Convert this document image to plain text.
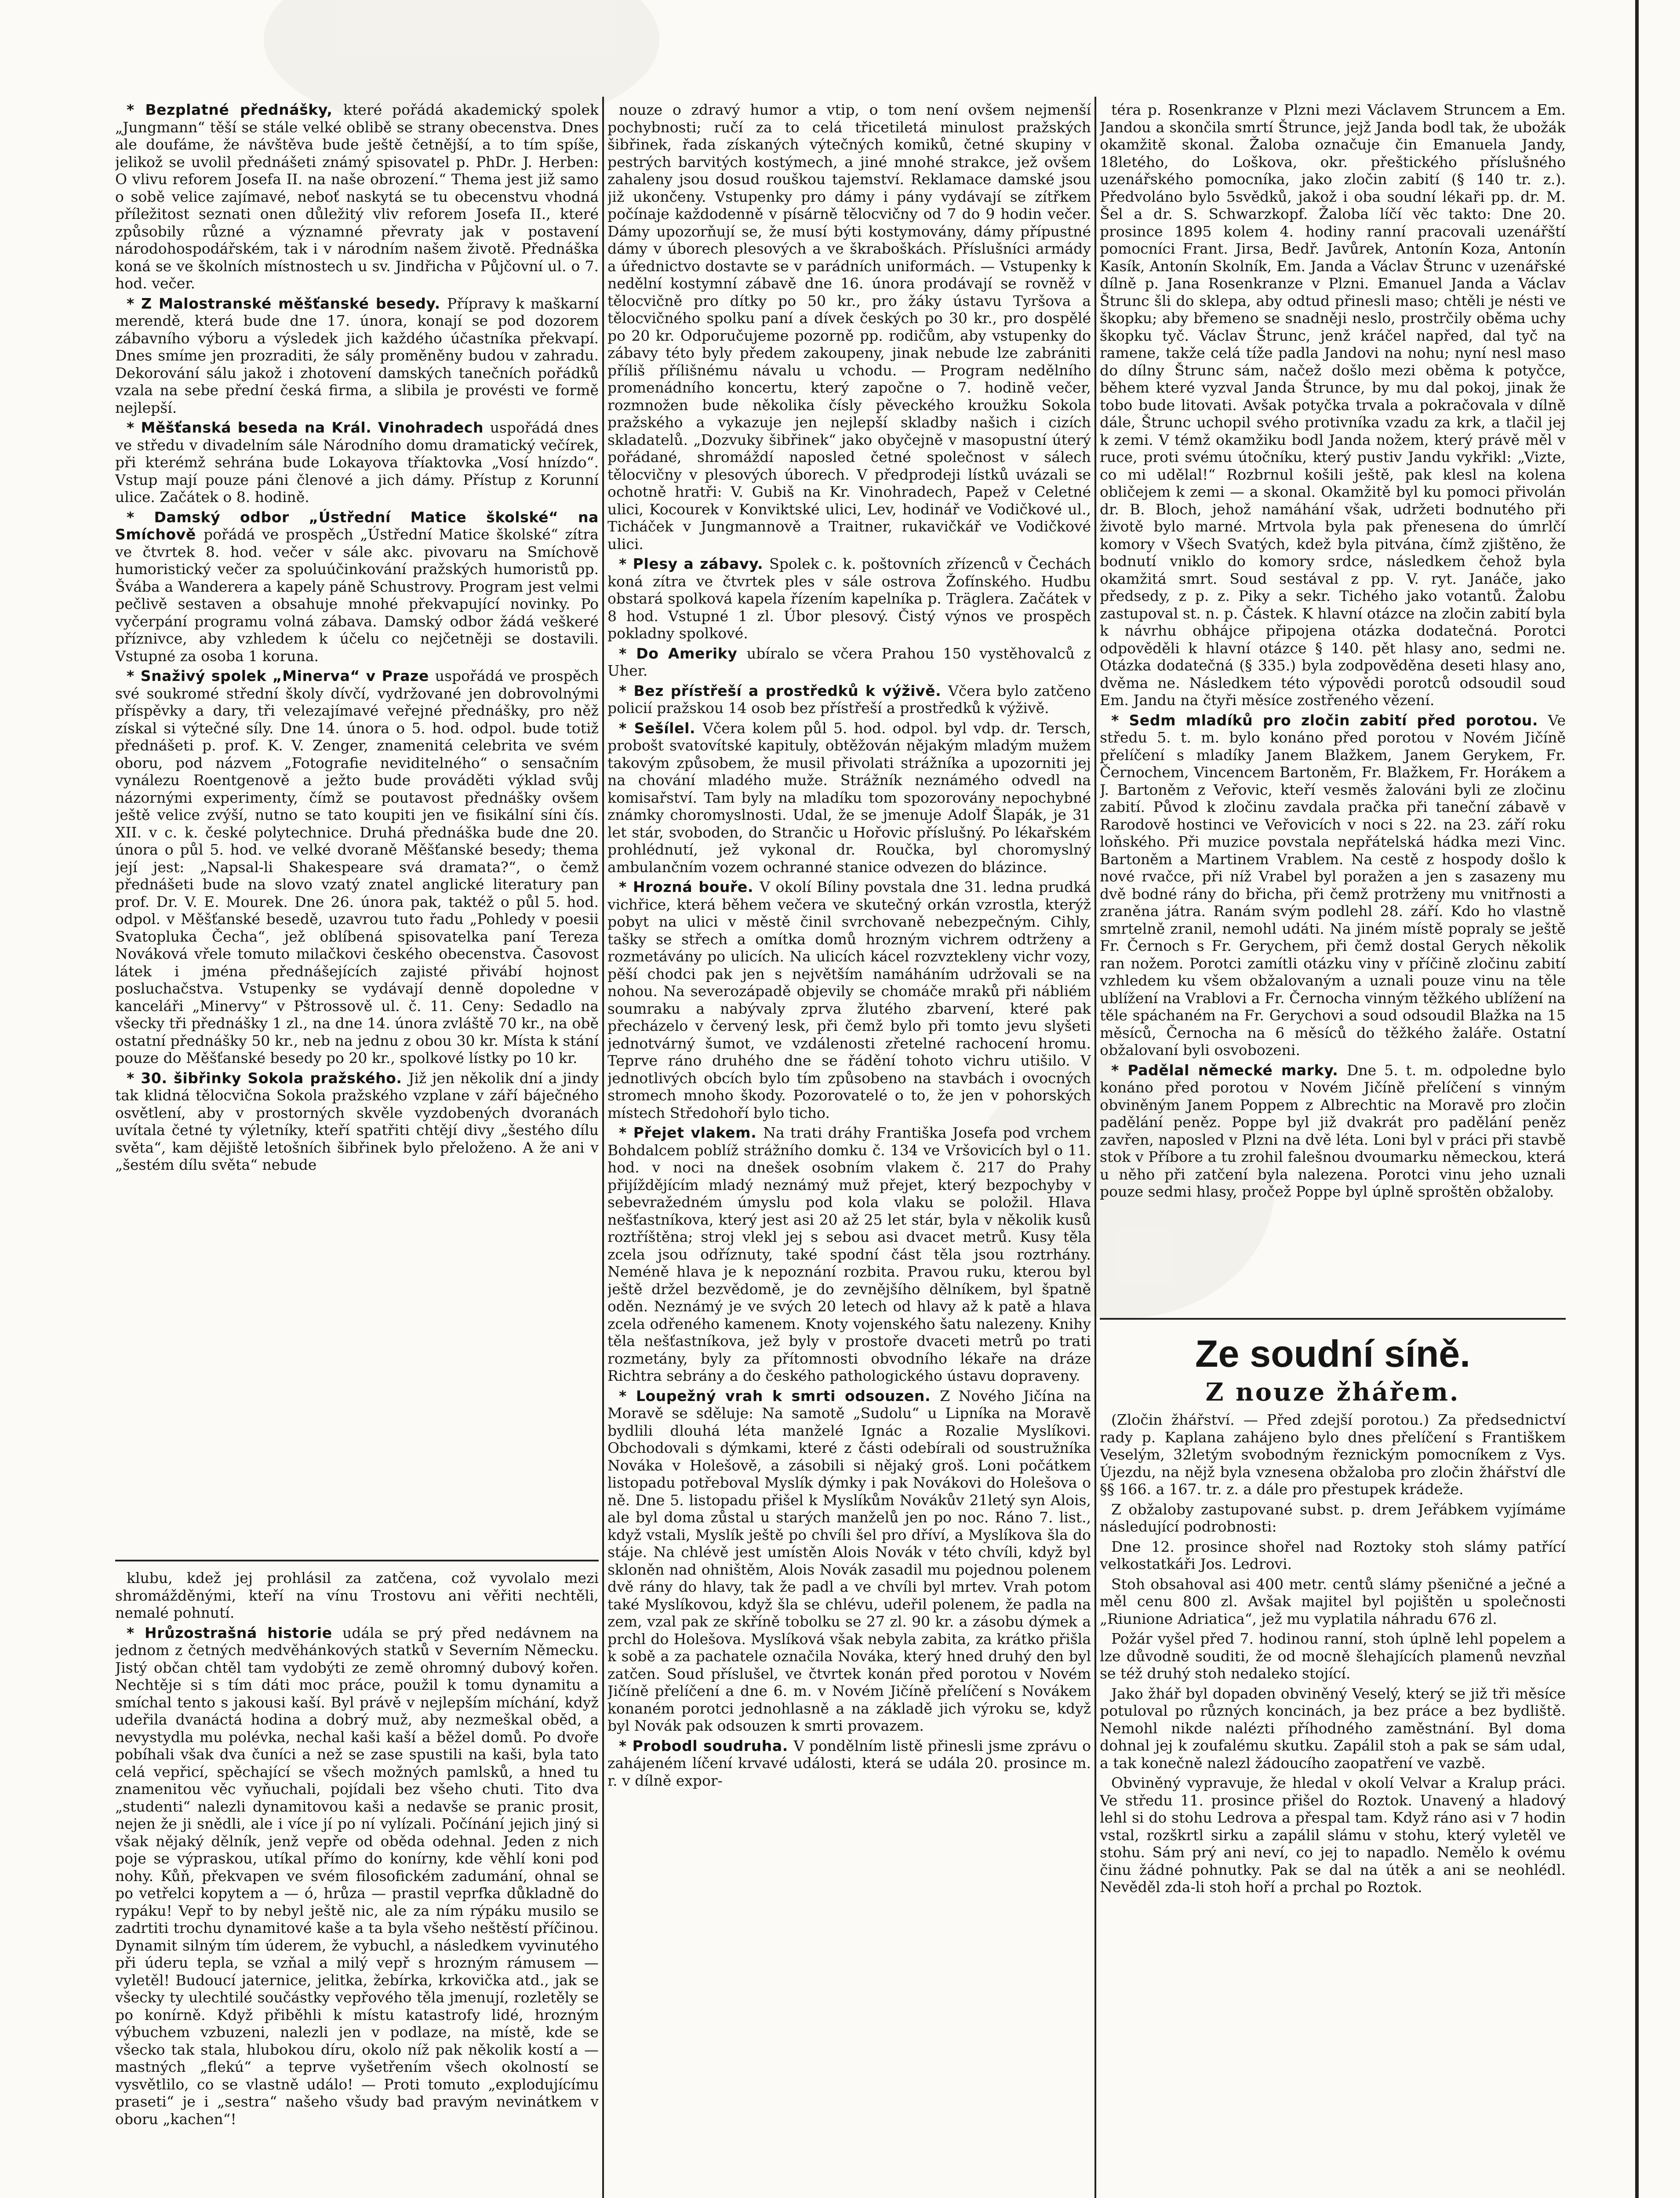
* Bezplatné přednášky, které pořádá akademický spolek „Jungmann“ těší se stále velké oblibě se strany obecenstva. Dnes ale doufáme, že návštěva bude ještě četnější, a to tím spíše, jelikož se uvolil přednášeti známý spisovatel p. PhDr. J. Herben: O vlivu reforem Josefa II. na naše obrození.“ Thema jest již samo o sobě velice zajímavé, neboť naskytá se tu obecenstvu vhodná příležitost seznati onen důležitý vliv reforem Josefa II., které způsobily různé a významné převraty jak v postavení národohospodářském, tak i v národním našem životě. Přednáška koná se ve školních místnostech u sv. Jindřicha v Půjčovní ul. o 7. hod. večer.

* Z Malostranské měšťanské besedy. Přípravy k maškarní merendě, která bude dne 17. února, konají se pod dozorem zábavního výboru a výsledek jich každého účastníka překvapí. Dnes smíme jen prozraditi, že sály proměněny budou v zahradu. Dekorování sálu jakož i zhotovení damských tanečních pořádků vzala na sebe přední česká firma, a slibila je provésti ve formě nejlepší.

* Měšťanská beseda na Král. Vinohradech uspořádá dnes ve středu v divadelním sále Národního domu dramatický večírek, při kterémž sehrána bude Lokayova tříaktovka „Vosí hnízdo“. Vstup mají pouze páni členové a jich dámy. Přístup z Korunní ulice. Začátek o 8. hodině.

* Damský odbor „Ústřední Matice školské“ na Smíchově pořádá ve prospěch „Ústřední Matice školské“ zítra ve čtvrtek 8. hod. večer v sále akc. pivovaru na Smíchově humoristický večer za spoluúčinkování pražských humoristů pp. Švába a Wanderera a kapely páně Schustrovy. Program jest velmi pečlivě sestaven a obsahuje mnohé překvapující novinky. Po vyčerpání programu volná zábava. Damský odbor žádá veškeré příznivce, aby vzhledem k účelu co nejčetněji se dostavili. Vstupné za osoba 1 koruna.

* Snaživý spolek „Minerva“ v Praze uspořádá ve prospěch své soukromé střední školy dívčí, vydržované jen dobrovolnými příspěvky a dary, tři velezajímavé veřejné přednášky, pro něž získal si výtečné síly. Dne 14. února o 5. hod. odpol. bude totiž přednášeti p. prof. K. V. Zenger, znamenitá celebrita ve svém oboru, pod názvem „Fotografie neviditelného“ o sensačním vynálezu Roentgenově a ježto bude prováděti výklad svůj názornými experimenty, čímž se poutavost přednášky ovšem ještě velice zvýší, nutno se tato koupiti jen ve fisikální síni čís. XII. v c. k. české polytechnice. Druhá přednáška bude dne 20. února o půl 5. hod. ve velké dvoraně Měšťanské besedy; thema její jest: „Napsal-li Shakespeare svá dramata?“, o čemž přednášeti bude na slovo vzatý znatel anglické literatury pan prof. Dr. V. E. Mourek. Dne 26. února pak, taktéž o půl 5. hod. odpol. v Měšťanské besedě, uzavrou tuto řadu „Pohledy v poesii Svatopluka Čecha“, jež oblíbená spisovatelka paní Tereza Nováková vřele tomuto milačkovi českého obecenstva. Časovost látek i jména přednášejících zajisté přivábí hojnost posluchačstva. Vstupenky se vydávají denně dopoledne v kanceláři „Minervy“ v Pštrossově ul. č. 11. Ceny: Sedadlo na všecky tři přednášky 1 zl., na dne 14. února zvláště 70 kr., na obě ostatní přednášky 50 kr., neb na jednu z obou 30 kr. Místa k stání pouze do Měšťanské besedy po 20 kr., spolkové lístky po 10 kr.

* 30. šibřinky Sokola pražského. Již jen několik dní a jindy tak klidná tělocvična Sokola pražského vzplane v září báječného osvětlení, aby v prostorných skvěle vyzdobených dvoranách uvítala četné ty výletníky, kteří spatřiti chtějí divy „šestého dílu světa“, kam dějiště letošních šibřinek bylo přeloženo. A že ani v „šestém dílu světa“ nebude

klubu, kdež jej prohlásil za zatčena, což vyvolalo mezi shromážděnými, kteří na vínu Trostovu ani věřiti nechtěli, nemalé pohnutí.

* Hrůzostrašná historie udála se prý před nedávnem na jednom z četných medvěhánkových statků v Severním Německu. Jistý občan chtěl tam vydobýti ze země ohromný dubový kořen. Nechtěje si s tím dáti moc práce, použil k tomu dynamitu a smíchal tento s jakousi kaší. Byl právě v nejlepším míchání, když udeřila dvanáctá hodina a dobrý muž, aby nezmeškal oběd, a nevystydla mu polévka, nechal kaši kaší a běžel domů. Po dvoře pobíhali však dva čuníci a než se zase spustili na kaši, byla tato celá vepřicí, spěchající se všech možných pamlsků, a hned tu znamenitou věc vyňuchali, pojídali bez všeho chuti. Tito dva „studenti“ nalezli dynamitovou kaši a nedavše se pranic prosit, nejen že ji snědli, ale i více jí po ní vylízali. Počínání jejich jiný si však nějaký dělník, jenž vepře od oběda odehnal. Jeden z nich poje se výpraskou, utíkal přímo do konírny, kde věhlí koni pod nohy. Kůň, překvapen ve svém filosofickém zadumání, ohnal se po vetřelci kopytem a — ó, hrůza — prastil veprfka důkladně do rypáku! Vepř to by nebyl ještě nic, ale za ním rýpáku musilo se zadrtiti trochu dynamitové kaše a ta byla všeho neštěstí příčinou. Dynamit silným tím úderem, že vybuchl, a následkem vyvinutého při úderu tepla, se vzňal a milý vepř s hrozným rámusem — vyletěl! Budoucí jaternice, jelitka, žebírka, krkovička atd., jak se všecky ty ulechtilé součástky vepřového těla jmenují, rozletěly se po konírně. Když přiběhli k místu katastrofy lidé, hrozným výbuchem vzbuzeni, nalezli jen v podlaze, na místě, kde se všecko tak stala, hlubokou díru, okolo níž pak několik kostí a — mastných „flekú“ a teprve vyšetřením všech okolností se vysvětlilo, co se vlastně událo! — Proti tomuto „explodujícímu praseti“ je i „sestra“ našeho všudy bad pravým nevinátkem v oboru „kachen“!

nouze o zdravý humor a vtip, o tom není ovšem nejmenší pochybnosti; ručí za to celá třicetiletá minulost pražských šibřinek, řada získaných výtečných komiků, četné skupiny v pestrých barvitých kostýmech, a jiné mnohé strakce, jež ovšem zahaleny jsou dosud rouškou tajemství. Reklamace damské jsou již ukončeny. Vstupenky pro dámy i pány vydávají se zítřkem počínaje každodenně v písárně tělocvičny od 7 do 9 hodin večer. Dámy upozorňují se, že musí býti kostymovány, dámy přípustné dámy v úborech plesových a ve škraboškách. Příslušníci armády a úřednictvo dostavte se v parádních uniformách. — Vstupenky k nedělní kostymní zábavě dne 16. února prodávají se rovněž v tělocvičně pro dítky po 50 kr., pro žáky ústavu Tyršova a tělocvičného spolku paní a dívek českých po 30 kr., pro dospělé po 20 kr. Odporučujeme pozorně pp. rodičům, aby vstupenky do zábavy této byly předem zakoupeny, jinak nebude lze zabrániti příliš přílišnému návalu u vchodu. — Program nedělního promenádního koncertu, který započne o 7. hodině večer, rozmnožen bude několika čísly pěveckého kroužku Sokola pražského a vykazuje jen nejlepší skladby našich i cizích skladatelů. „Dozvuky šibřinek“ jako obyčejně v masopustní úterý pořádané, shromáždí naposled četné společnost v sálech tělocvičny v plesových úborech. V předprodeji lístků uvázali se ochotně hratři: V. Gubiš na Kr. Vinohradech, Papež v Celetné ulici, Kocourek v Konviktské ulici, Lev, hodinář ve Vodičkové ul., Ticháček v Jungmannově a Traitner, rukavičkář ve Vodičkové ulici.

* Plesy a zábavy. Spolek c. k. poštovních zřízenců v Čechách koná zítra ve čtvrtek ples v sále ostrova Žofínského. Hudbu obstará spolková kapela řízením kapelníka p. Träglera. Začátek v 8 hod. Vstupné 1 zl. Úbor plesový. Čistý výnos ve prospěch pokladny spolkové.

* Do Ameriky ubíralo se včera Prahou 150 vystěhovalců z Uher.

* Bez přístřeší a prostředků k výživě. Včera bylo zatčeno policií pražskou 14 osob bez přístřeší a prostředků k výživě.

* Sešílel. Včera kolem půl 5. hod. odpol. byl vdp. dr. Tersch, probošt svatovítské kapituly, obtěžován nějakým mladým mužem takovým způsobem, že musil přivolati strážníka a upozorniti jej na chování mladého muže. Strážník neznámého odvedl na komisařství. Tam byly na mladíku tom spozorovány nepochybné známky choromyslnosti. Udal, že se jmenuje Adolf Šlapák, je 31 let stár, svoboden, do Strančic u Hořovic příslušný. Po lékařském prohlédnutí, jež vykonal dr. Roučka, byl choromyslný ambulančním vozem ochranné stanice odvezen do blázince.

* Hrozná bouře. V okolí Bíliny povstala dne 31. ledna prudká vichřice, která během večera ve skutečný orkán vzrostla, kterýž pobyt na ulici v městě činil svrchovaně nebezpečným. Cihly, tašky se střech a omítka domů hrozným vichrem odtrženy a rozmetávány po ulicích. Na ulicích kácel rozvztekleny vichr vozy, pěší chodci pak jen s největším namáháním udržovali se na nohou. Na severozápadě objevily se chomáče mraků při nábliém soumraku a nabývaly zprva žlutého zbarvení, které pak přecházelo v červený lesk, při čemž bylo při tomto jevu slyšeti jednotvárný šumot, ve vzdálenosti zřetelné rachocení hromu. Teprve ráno druhého dne se řádění tohoto vichru utišilo. V jednotlivých obcích bylo tím způsobeno na stavbách i ovocných stromech mnoho škody. Pozorovatelé o to, že jen v pohorských místech Středohoří bylo ticho.

* Přejet vlakem. Na trati dráhy Františka Josefa pod vrchem Bohdalcem poblíž strážního domku č. 134 ve Vršovicích byl o 11. hod. v noci na dnešek osobním vlakem č. 217 do Prahy přijíždějícím mladý neznámý muž přejet, který bezpochyby v sebevražedném úmyslu pod kola vlaku se položil. Hlava nešťastníkova, který jest asi 20 až 25 let stár, byla v několik kusů roztříštěna; stroj vlekl jej s sebou asi dvacet metrů. Kusy těla zcela jsou odříznuty, také spodní část těla jsou roztrhány. Neméně hlava je k nepoznání rozbita. Pravou ruku, kterou byl ještě držel bezvědomě, je do zevnějšího dělníkem, byl špatně oděn. Neznámý je ve svých 20 letech od hlavy až k patě a hlava zcela odřeného kamenem. Knoty vojenského šatu nalezeny. Knihy těla nešťastníkova, jež byly v prostoře dvaceti metrů po trati rozmetány, byly za přítomnosti obvodního lékaře na dráze Richtra sebrány a do českého pathologického ústavu dopraveny.

* Loupežný vrah k smrti odsouzen. Z Nového Jičína na Moravě se sděluje: Na samotě „Sudolu“ u Lipníka na Moravě bydlili dlouhá léta manželé Ignác a Rozalie Myslíkovi. Obchodovali s dýmkami, které z části odebírali od soustružníka Nováka v Holešově, a zásobili si nějaký groš. Loni počátkem listopadu potřeboval Myslík dýmky i pak Novákovi do Holešova o ně. Dne 5. listopadu přišel k Myslíkům Novákův 21letý syn Alois, ale byl doma zůstal u starých manželů jen po noc. Ráno 7. list., když vstali, Myslík ještě po chvíli šel pro dříví, a Myslíkova šla do stáje. Na chlévě jest umístěn Alois Novák v této chvíli, když byl skloněn nad ohništěm, Alois Novák zasadil mu pojednou polenem dvě rány do hlavy, tak že padl a ve chvíli byl mrtev. Vrah potom také Myslíkovou, když šla se chlévu, udeřil polenem, že padla na zem, vzal pak ze skříně tobolku se 27 zl. 90 kr. a zásobu dýmek a prchl do Holešova. Myslíková však nebyla zabita, za krátko přišla k sobě a za pachatele označila Nováka, který hned druhý den byl zatčen. Soud příslušel, ve čtvrtek konán před porotou v Novém Jičíně přelíčení a dne 6. m. v Novém Jičíně přelíčení s Novákem konaném porotci jednohlasně a na základě jich výroku se, když byl Novák pak odsouzen k smrti provazem.

* Probodl soudruha. V pondělním listě přinesli jsme zprávu o zahájeném líčení krvavé události, která se udála 20. prosince m. r. v dílně expor-

téra p. Rosenkranze v Plzni mezi Václavem Struncem a Em. Jandou a skončila smrtí Štrunce, jejž Janda bodl tak, že ubožák okamžitě skonal. Žaloba označuje čin Emanuela Jandy, 18letého, do Loškova, okr. přeštického příslušného uzenářského pomocníka, jako zločin zabití (§ 140 tr. z.). Předvoláno bylo 5svědků, jakož i oba soudní lékaři pp. dr. M. Šel a dr. S. Schwarzkopf. Žaloba líčí věc takto: Dne 20. prosince 1895 kolem 4. hodiny ranní pracovali uzenářští pomocníci Frant. Jirsa, Bedř. Javůrek, Antonín Koza, Antonín Kasík, Antonín Skolník, Em. Janda a Václav Štrunc v uzenářské dílně p. Jana Rosenkranze v Plzni. Emanuel Janda a Václav Štrunc šli do sklepa, aby odtud přinesli maso; chtěli je nésti ve škopku; aby břemeno se snadněji neslo, prostrčily oběma uchy škopku tyč. Václav Štrunc, jenž kráčel napřed, dal tyč na ramene, takže celá tíže padla Jandovi na nohu; nyní nesl maso do dílny Štrunc sám, načež došlo mezi oběma k potyčce, během které vyzval Janda Štrunce, by mu dal pokoj, jinak že tobo bude litovati. Avšak potyčka trvala a pokračovala v dílně dále, Štrunc uchopil svého protivníka vzadu za krk, a tlačil jej k zemi. V témž okamžiku bodl Janda nožem, který právě měl v ruce, proti svému útočníku, který pustiv Jandu vykřikl: „Vizte, co mi udělal!“ Rozbrnul košili ještě, pak klesl na kolena obličejem k zemi — a skonal. Okamžitě byl ku pomoci přivolán dr. B. Bloch, jehož namáhání však, udržeti bodnutého při životě bylo marné. Mrtvola byla pak přenesena do úmrlčí komory v Všech Svatých, kdež byla pitvána, čímž zjištěno, že bodnutí vniklo do komory srdce, následkem čehož byla okamžitá smrt. Soud sestával z pp. V. ryt. Janáče, jako předsedy, z p. z. Piky a sekr. Tichého jako votantů. Žalobu zastupoval st. n. p. Částek. K hlavní otázce na zločin zabití byla k návrhu obhájce připojena otázka dodatečná. Porotci odpověděli k hlavní otázce § 140. pět hlasy ano, sedmi ne. Otázka dodatečná (§ 335.) byla zodpověděna deseti hlasy ano, dvěma ne. Následkem této výpovědi porotců odsoudil soud Em. Jandu na čtyři měsíce zostřeného vězení.

* Sedm mladíků pro zločin zabití před porotou. Ve středu 5. t. m. bylo konáno před porotou v Novém Jičíně přelíčení s mladíky Janem Blažkem, Janem Gerykem, Fr. Černochem, Vincencem Bartoněm, Fr. Blažkem, Fr. Horákem a J. Bartoněm z Veřovic, kteří vesměs žalováni byli ze zločinu zabití. Původ k zločinu zavdala pračka při taneční zábavě v Rarodově hostinci ve Veřovicích v noci s 22. na 23. září roku loňského. Při muzice povstala nepřátelská hádka mezi Vinc. Bartoněm a Martinem Vrablem. Na cestě z hospody došlo k nové rvačce, při níž Vrabel byl poražen a jen s zasazeny mu dvě bodné rány do břicha, při čemž protrženy mu vnitřnosti a zraněna játra. Ranám svým podlehl 28. září. Kdo ho vlastně smrtelně zranil, nemohl udáti. Na jiném místě popraly se ještě Fr. Černoch s Fr. Gerychem, při čemž dostal Gerych několik ran nožem. Porotci zamítli otázku viny v příčině zločinu zabití vzhledem ku všem obžalovaným a uznali pouze vinu na těle ublížení na Vrablovi a Fr. Černocha vinným těžkého ublížení na těle spáchaném na Fr. Gerychovi a soud odsoudil Blažka na 15 měsíců, Černocha na 6 měsíců do těžkého žaláře. Ostatní obžalovaní byli osvobozeni.

* Padělal německé marky. Dne 5. t. m. odpoledne bylo konáno před porotou v Novém Jičíně přelíčení s vinným obviněným Janem Poppem z Albrechtic na Moravě pro zločin padělání peněz. Poppe byl již dvakrát pro padělání peněz zavřen, naposled v Plzni na dvě léta. Loni byl v práci při stavbě stok v Příbore a tu zrohil falešnou dvoumarku německou, která u něho při zatčení byla nalezena. Porotci vinu jeho uznali pouze sedmi hlasy, pročež Poppe byl úplně sproštěn obžaloby.

Ze soudní síně.
Z nouze žhářem.

(Zločin žhářství. — Před zdejší porotou.) Za předsednictví rady p. Kaplana zahájeno bylo dnes přelíčení s Františkem Veselým, 32letým svobodným řeznickým pomocníkem z Vys. Újezdu, na nějž byla vznesena obžaloba pro zločin žhářství dle §§ 166. a 167. tr. z. a dále pro přestupek krádeže.

Z obžaloby zastupované subst. p. drem Jeřábkem vyjímáme následující podrobnosti:

Dne 12. prosince shořel nad Roztoky stoh slámy patřící velkostatkáři Jos. Ledrovi.

Stoh obsahoval asi 400 metr. centů slámy pšeničné a ječné a měl cenu 800 zl. Avšak majitel byl pojištěn u společnosti „Riunione Adriatica“, jež mu vyplatila náhradu 676 zl.

Požár vyšel před 7. hodinou ranní, stoh úplně lehl popelem a lze důvodně souditi, že od mocně šlehajících plamenů nevzňal se též druhý stoh nedaleko stojící.

Jako žhář byl dopaden obviněný Veselý, který se již tři měsíce potuloval po různých koncinách, ja bez práce a bez bydliště. Nemohl nikde nalézti příhodného zaměstnání. Byl doma dohnal jej k zoufalému skutku. Zapálil stoh a pak se sám udal, a tak konečně nalezl žádoucího zaopatření ve vazbě.

Obviněný vypravuje, že hledal v okolí Velvar a Kralup práci. Ve středu 11. prosince přišel do Roztok. Unavený a hladový lehl si do stohu Ledrova a přespal tam. Když ráno asi v 7 hodin vstal, rozškrtl sirku a zapálil slámu v stohu, který vyletěl ve stohu. Sám prý ani neví, co jej to napadlo. Nemělo k ovému činu žádné pohnutky. Pak se dal na útěk a ani se neohlédl. Nevěděl zda-li stoh hoří a prchal po Roztok.
